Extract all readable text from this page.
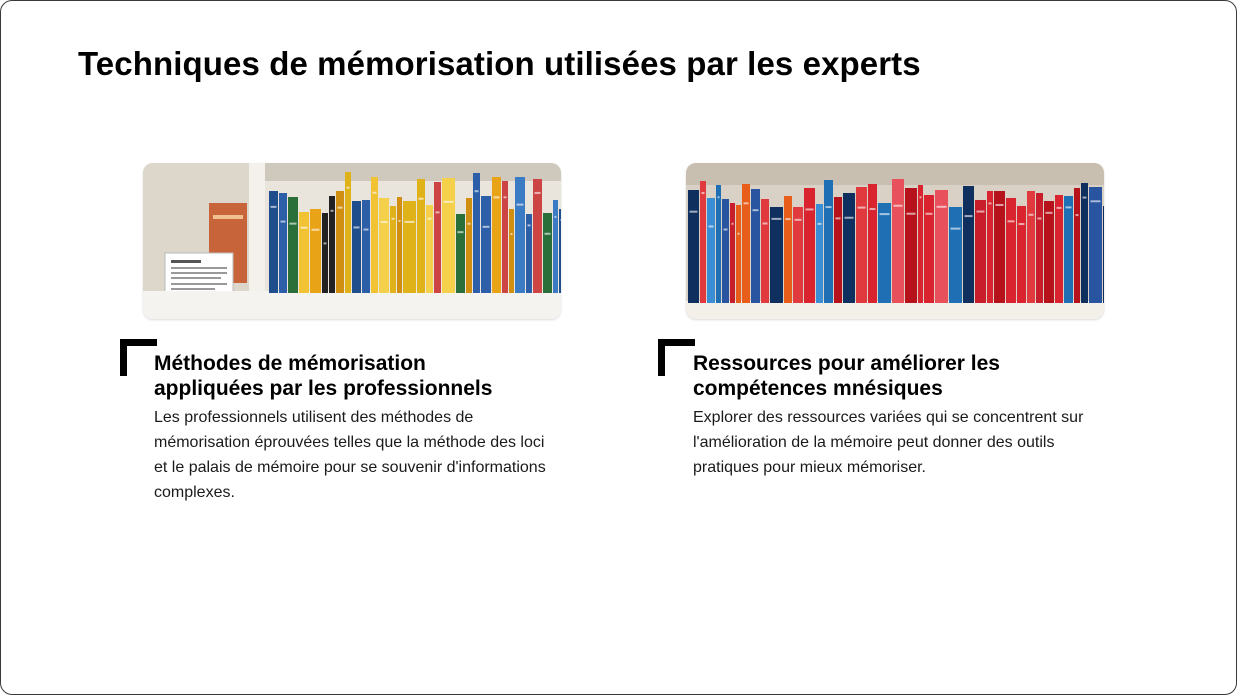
Techniques de mémorisation utilisées par les experts
Méthodes de mémorisation
appliquées par les professionnels

Les professionnels utilisent des méthodes de mémorisation éprouvées telles que la méthode des loci et le palais de mémoire pour se souvenir d'informations complexes.

Ressources pour améliorer les
compétences mnésiques

Explorer des ressources variées qui se concentrent sur l'amélioration de la mémoire peut donner des outils pratiques pour mieux mémoriser.
